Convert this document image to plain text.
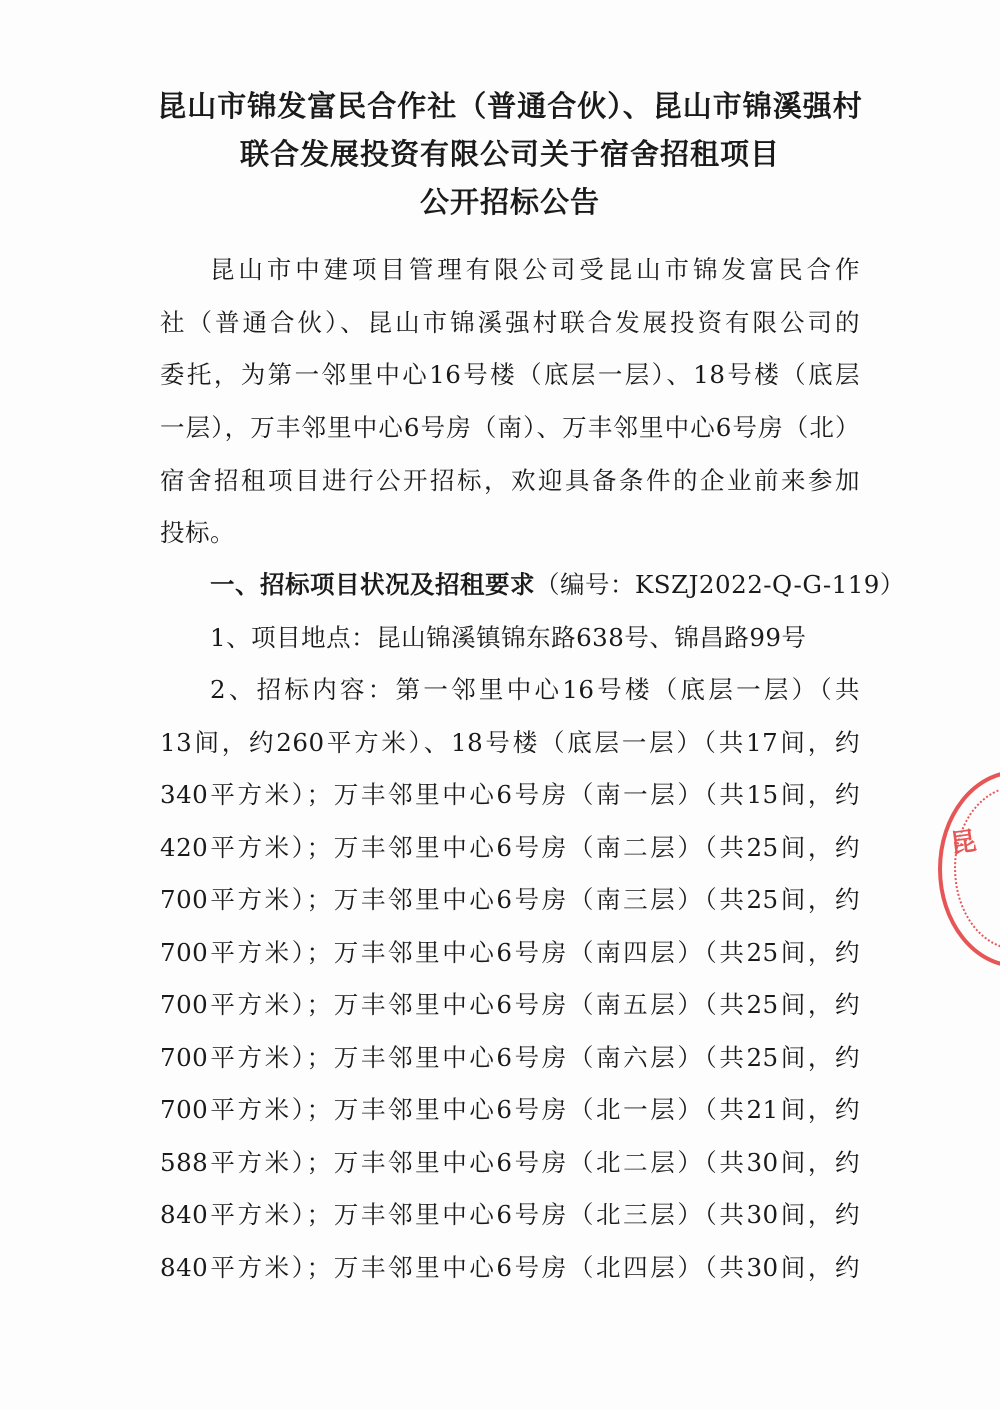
昆山市锦发富民合作社（普通合伙）、昆山市锦溪强村
联合发展投资有限公司关于宿舍招租项目
公开招标公告
昆山市中建项目管理有限公司受昆山市锦发富民合作
社（普通合伙）、昆山市锦溪强村联合发展投资有限公司的
委托，为第一邻里中心16号楼（底层一层）、18号楼（底层
一层），万丰邻里中心6号房（南）、万丰邻里中心6号房（北）
宿舍招租项目进行公开招标，欢迎具备条件的企业前来参加
投标。
一、招标项目状况及招租要求（编号：KSZJ2022-Q-G-119）
1、项目地点：昆山锦溪镇锦东路638号、锦昌路99号
2、招标内容：第一邻里中心16号楼（底层一层）（共
13间，约260平方米）、18号楼（底层一层）（共17间，约
340平方米）；万丰邻里中心6号房（南一层）（共15间，约
420平方米）；万丰邻里中心6号房（南二层）（共25间，约
700平方米）；万丰邻里中心6号房（南三层）（共25间，约
700平方米）；万丰邻里中心6号房（南四层）（共25间，约
700平方米）；万丰邻里中心6号房（南五层）（共25间，约
700平方米）；万丰邻里中心6号房（南六层）（共25间，约
700平方米）；万丰邻里中心6号房（北一层）（共21间，约
588平方米）；万丰邻里中心6号房（北二层）（共30间，约
840平方米）；万丰邻里中心6号房（北三层）（共30间，约
840平方米）；万丰邻里中心6号房（北四层）（共30间，约
昆
